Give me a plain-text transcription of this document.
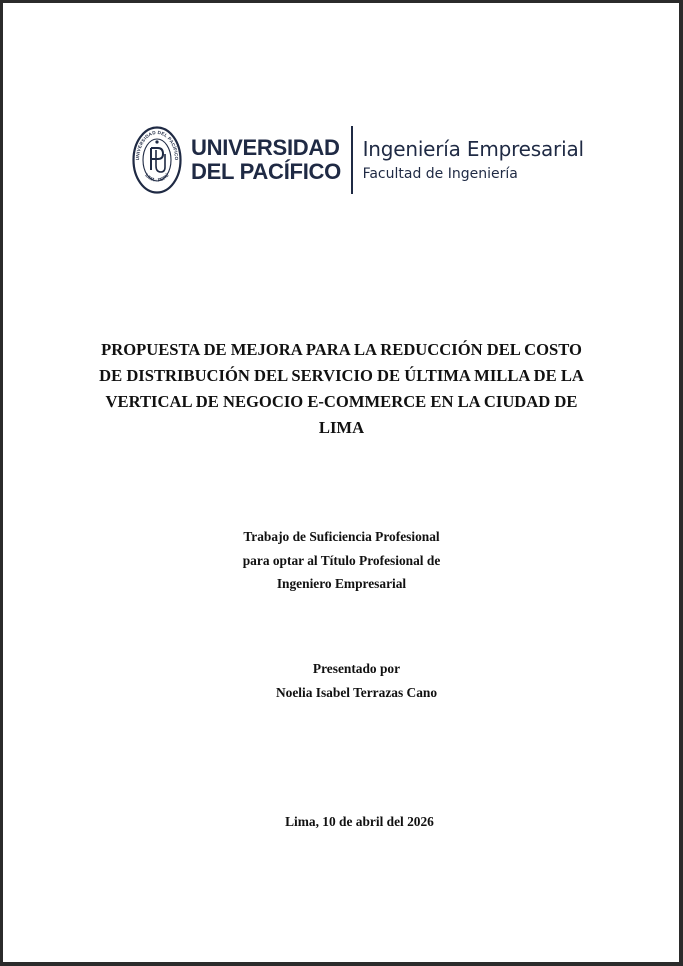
UNIVERSIDAD DEL PACÍFICO
LIMA · PERÚ
UNIVERSIDAD
DEL PACÍFICO
Ingeniería Empresarial
Facultad de Ingeniería
PROPUESTA DE MEJORA PARA LA REDUCCIÓN DEL COSTO
DE DISTRIBUCIÓN DEL SERVICIO DE ÚLTIMA MILLA DE LA
VERTICAL DE NEGOCIO E-COMMERCE EN LA CIUDAD DE
LIMA
Trabajo de Suficiencia Profesional
para optar al Título Profesional de
Ingeniero Empresarial
Presentado por
Noelia Isabel Terrazas Cano
Lima, 10 de abril del 2026
